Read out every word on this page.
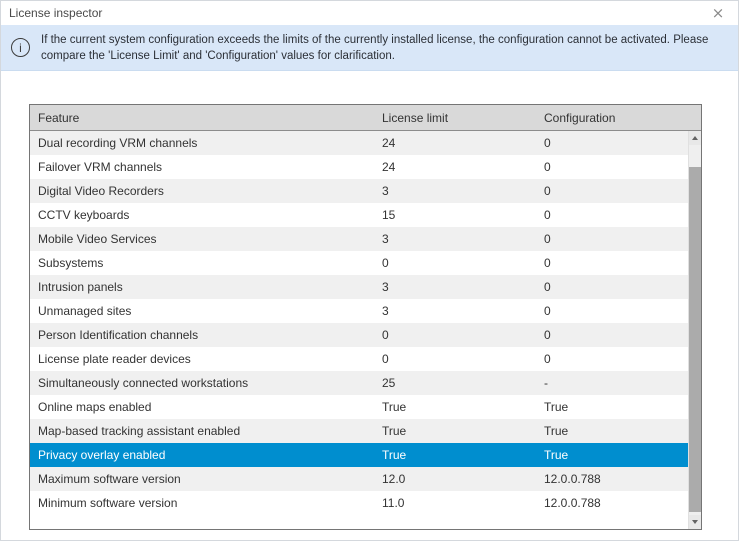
License inspector	×
i
If the current system configuration exceeds the limits of the currently installed license, the configuration cannot be activated. Please compare the 'License Limit' and 'Configuration' values for clarification.
Feature	License limit	Configuration
Dual recording VRM channels	24	0
Failover VRM channels	24	0
Digital Video Recorders	3	0
CCTV keyboards	15	0
Mobile Video Services	3	0
Subsystems	0	0
Intrusion panels	3	0
Unmanaged sites	3	0
Person Identification channels	0	0
License plate reader devices	0	0
Simultaneously connected workstations	25	-
Online maps enabled	True	True
Map-based tracking assistant enabled	True	True
Privacy overlay enabled	True	True
Maximum software version	12.0	12.0.0.788
Minimum software version	11.0	12.0.0.788
